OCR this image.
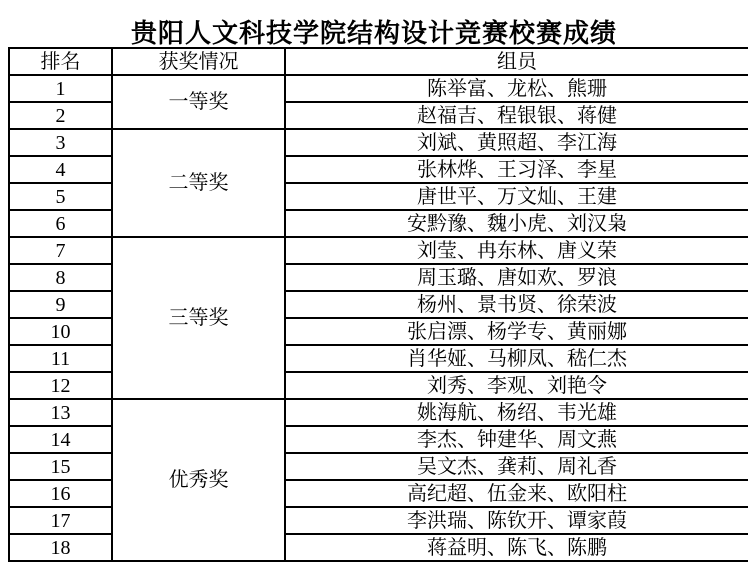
贵阳人文科技学院结构设计竞赛校赛成绩
排名	获奖情况	组员
1	一等奖	陈举富、龙松、熊珊
2		赵福吉、程银银、蒋健
3	二等奖	刘斌、黄照超、李江海
4		张林烨、王习泽、李星
5		唐世平、万文灿、王建
6		安黔豫、魏小虎、刘汉枭
7	三等奖	刘莹、冉东林、唐义荣
8		周玉璐、唐如欢、罗浪
9		杨州、景书贤、徐荣波
10		张启漂、杨学专、黄丽娜
11		肖华娅、马柳凤、嵇仁杰
12		刘秀、李观、刘艳令
13	优秀奖	姚海航、杨绍、韦光雄
14		李杰、钟建华、周文燕
15		吴文杰、龚莉、周礼香
16		高纪超、伍金来、欧阳柱
17		李洪瑞、陈钦开、谭家葭
18		蒋益明、陈飞、陈鹏
